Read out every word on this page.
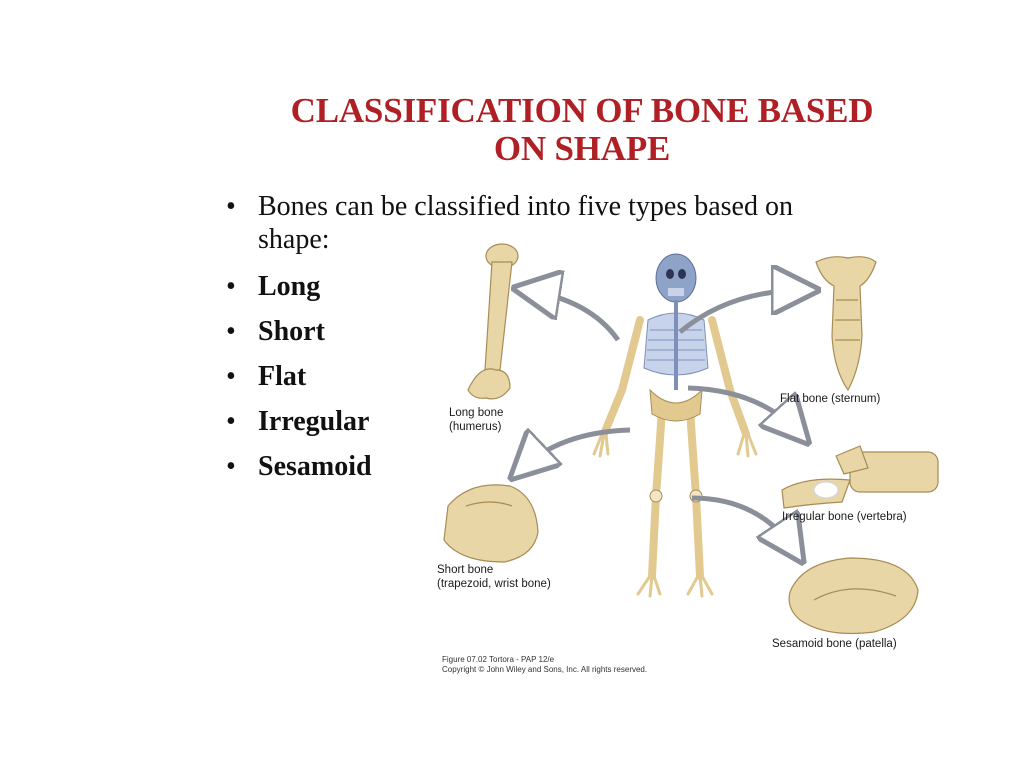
CLASSIFICATION OF BONE BASED
ON SHAPE
• Bones can be classified into five types based on
shape:
• Long
• Short
• Flat
• Irregular
• Sesamoid
Long bone
(humerus)
Flat bone (sternum)
Irregular bone (vertebra)
Short bone
(trapezoid, wrist bone)
Sesamoid bone (patella)
Figure 07.02 Tortora - PAP 12/e
Copyright © John Wiley and Sons, Inc. All rights reserved.
